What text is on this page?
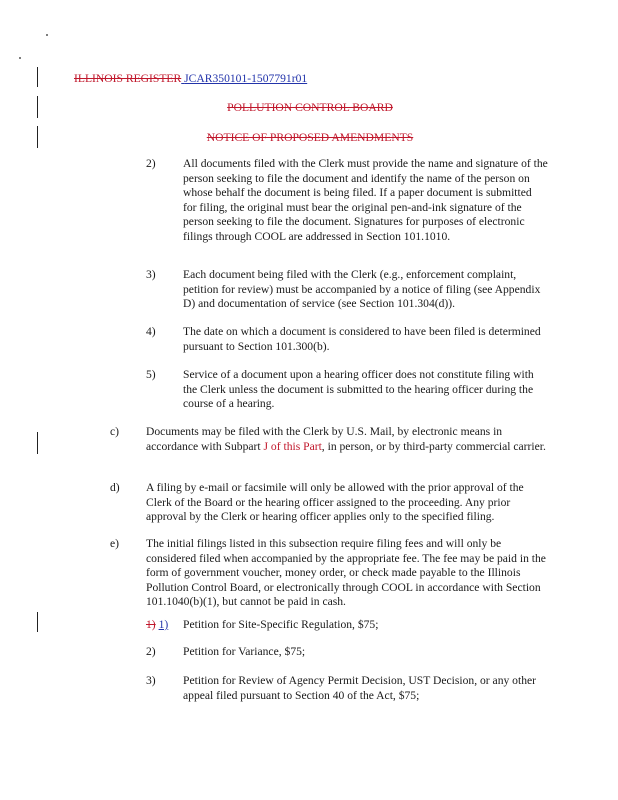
ILLINOIS REGISTER JCAR350101-1507791r01
POLLUTION CONTROL BOARD
NOTICE OF PROPOSED AMENDMENTS
2) All documents filed with the Clerk must provide the name and signature of the person seeking to file the document and identify the name of the person on whose behalf the document is being filed. If a paper document is submitted for filing, the original must bear the original pen-and-ink signature of the person seeking to file the document. Signatures for purposes of electronic filings through COOL are addressed in Section 101.1010.
3) Each document being filed with the Clerk (e.g., enforcement complaint, petition for review) must be accompanied by a notice of filing (see Appendix D) and documentation of service (see Section 101.304(d)).
4) The date on which a document is considered to have been filed is determined pursuant to Section 101.300(b).
5) Service of a document upon a hearing officer does not constitute filing with the Clerk unless the document is submitted to the hearing officer during the course of a hearing.
c) Documents may be filed with the Clerk by U.S. Mail, by electronic means in accordance with Subpart J of this Part, in person, or by third-party commercial carrier.
d) A filing by e-mail or facsimile will only be allowed with the prior approval of the Clerk of the Board or the hearing officer assigned to the proceeding. Any prior approval by the Clerk or hearing officer applies only to the specified filing.
e) The initial filings listed in this subsection require filing fees and will only be considered filed when accompanied by the appropriate fee. The fee may be paid in the form of government voucher, money order, or check made payable to the Illinois Pollution Control Board, or electronically through COOL in accordance with Section 101.1040(b)(1), but cannot be paid in cash.
1) 1) Petition for Site-Specific Regulation, $75;
2) Petition for Variance, $75;
3) Petition for Review of Agency Permit Decision, UST Decision, or any other appeal filed pursuant to Section 40 of the Act, $75;
